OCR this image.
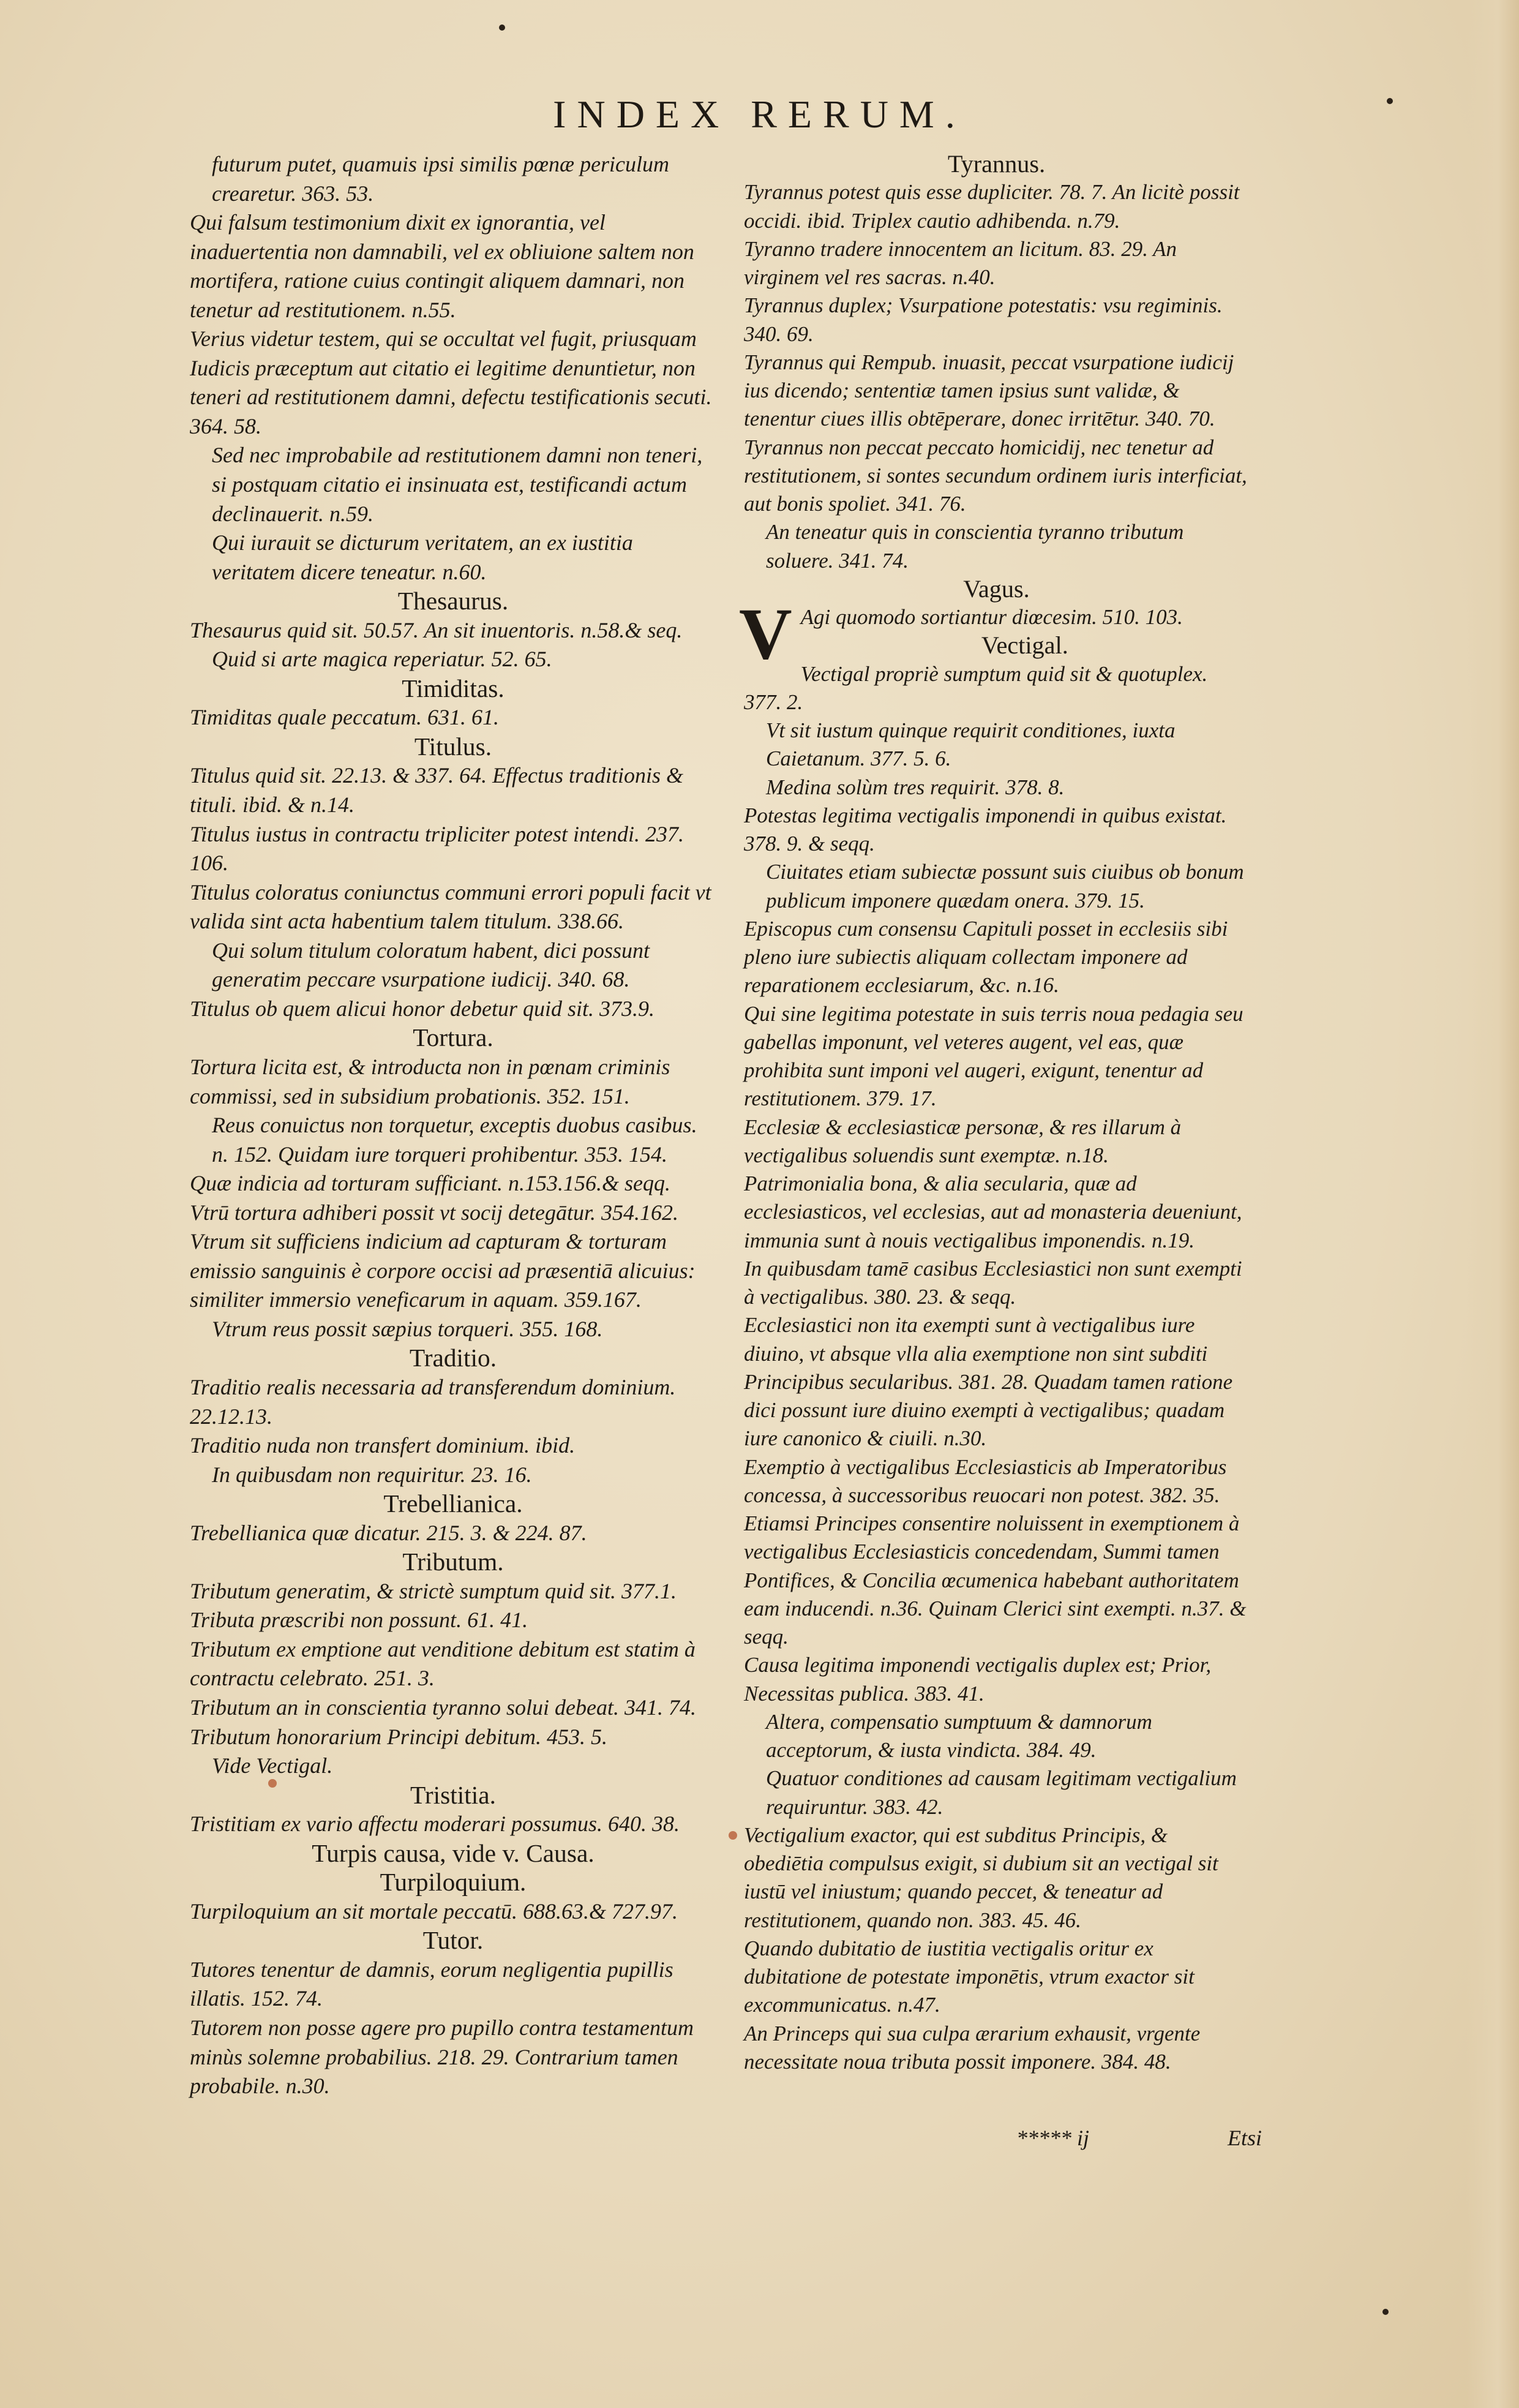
INDEX RERUM.

futurum putet, quamuis ipsi similis pœnæ periculum crearetur. 363. 53.

Qui falsum testimonium dixit ex ignorantia, vel inaduertentia non damnabili, vel ex obliuione saltem non mortifera, ratione cuius contingit aliquem damnari, non tenetur ad restitutionem. n.55.

Verius videtur testem, qui se occultat vel fugit, priusquam Iudicis præceptum aut citatio ei legitime denuntietur, non teneri ad restitutionem damni, defectu testificationis secuti. 364. 58.

Sed nec improbabile ad restitutionem damni non teneri, si postquam citatio ei insinuata est, testificandi actum declinauerit. n.59.

Qui iurauit se dicturum veritatem, an ex iustitia veritatem dicere teneatur. n.60.

Thesaurus.

Thesaurus quid sit. 50.57. An sit inuentoris. n.58.& seq.

Quid si arte magica reperiatur. 52. 65.

Timiditas.

Timiditas quale peccatum. 631. 61.

Titulus.

Titulus quid sit. 22.13. & 337. 64. Effectus traditionis & tituli. ibid. & n.14.

Titulus iustus in contractu tripliciter potest intendi. 237. 106.

Titulus coloratus coniunctus communi errori populi facit vt valida sint acta habentium talem titulum. 338.66.

Qui solum titulum coloratum habent, dici possunt generatim peccare vsurpatione iudicij. 340. 68.

Titulus ob quem alicui honor debetur quid sit. 373.9.

Tortura.

Tortura licita est, & introducta non in pœnam criminis commissi, sed in subsidium probationis. 352. 151.

Reus conuictus non torquetur, exceptis duobus casibus. n. 152. Quidam iure torqueri prohibentur. 353. 154.

Quæ indicia ad torturam sufficiant. n.153.156.& seqq.

Vtrū tortura adhiberi possit vt socij detegātur. 354.162.

Vtrum sit sufficiens indicium ad capturam & torturam emissio sanguinis è corpore occisi ad præsentiā alicuius: similiter immersio veneficarum in aquam. 359.167.

Vtrum reus possit sæpius torqueri. 355. 168.

Traditio.

Traditio realis necessaria ad transferendum dominium. 22.12.13.

Traditio nuda non transfert dominium. ibid.

In quibusdam non requiritur. 23. 16.

Trebellianica.

Trebellianica quæ dicatur. 215. 3. & 224. 87.

Tributum.

Tributum generatim, & strictè sumptum quid sit. 377.1.

Tributa præscribi non possunt. 61. 41.

Tributum ex emptione aut venditione debitum est statim à contractu celebrato. 251. 3.

Tributum an in conscientia tyranno solui debeat. 341. 74.

Tributum honorarium Principi debitum. 453. 5.

Vide Vectigal.

Tristitia.

Tristitiam ex vario affectu moderari possumus. 640. 38.

Turpis causa, vide v. Causa.

Turpiloquium.

Turpiloquium an sit mortale peccatū. 688.63.& 727.97.

Tutor.

Tutores tenentur de damnis, eorum negligentia pupillis illatis. 152. 74.

Tutorem non posse agere pro pupillo contra testamentum minùs solemne probabilius. 218. 29. Contrarium tamen probabile. n.30.

Tyrannus.

Tyrannus potest quis esse dupliciter. 78. 7. An licitè possit occidi. ibid. Triplex cautio adhibenda. n.79.

Tyranno tradere innocentem an licitum. 83. 29. An virginem vel res sacras. n.40.

Tyrannus duplex; Vsurpatione potestatis: vsu regiminis. 340. 69.

Tyrannus qui Rempub. inuasit, peccat vsurpatione iudicij ius dicendo; sententiæ tamen ipsius sunt validæ, & tenentur ciues illis obtēperare, donec irritētur. 340. 70.

Tyrannus non peccat peccato homicidij, nec tenetur ad restitutionem, si sontes secundum ordinem iuris interficiat, aut bonis spoliet. 341. 76.

An teneatur quis in conscientia tyranno tributum soluere. 341. 74.

Vagus.

V Agi quomodo sortiantur diœcesim. 510. 103.

Vectigal.

Vectigal propriè sumptum quid sit & quotuplex. 377. 2.

Vt sit iustum quinque requirit conditiones, iuxta Caietanum. 377. 5. 6.

Medina solùm tres requirit. 378. 8.

Potestas legitima vectigalis imponendi in quibus existat. 378. 9. & seqq.

Ciuitates etiam subiectæ possunt suis ciuibus ob bonum publicum imponere quædam onera. 379. 15.

Episcopus cum consensu Capituli posset in ecclesiis sibi pleno iure subiectis aliquam collectam imponere ad reparationem ecclesiarum, &c. n.16.

Qui sine legitima potestate in suis terris noua pedagia seu gabellas imponunt, vel veteres augent, vel eas, quæ prohibita sunt imponi vel augeri, exigunt, tenentur ad restitutionem. 379. 17.

Ecclesiæ & ecclesiasticæ personæ, & res illarum à vectigalibus soluendis sunt exemptæ. n.18.

Patrimonialia bona, & alia secularia, quæ ad ecclesiasticos, vel ecclesias, aut ad monasteria deueniunt, immunia sunt à nouis vectigalibus imponendis. n.19.

In quibusdam tamē casibus Ecclesiastici non sunt exempti à vectigalibus. 380. 23. & seqq.

Ecclesiastici non ita exempti sunt à vectigalibus iure diuino, vt absque vlla alia exemptione non sint subditi Principibus secularibus. 381. 28. Quadam tamen ratione dici possunt iure diuino exempti à vectigalibus; quadam iure canonico & ciuili. n.30.

Exemptio à vectigalibus Ecclesiasticis ab Imperatoribus concessa, à successoribus reuocari non potest. 382. 35.

Etiamsi Principes consentire noluissent in exemptionem à vectigalibus Ecclesiasticis concedendam, Summi tamen Pontifices, & Concilia œcumenica habebant authoritatem eam inducendi. n.36. Quinam Clerici sint exempti. n.37. & seqq.

Causa legitima imponendi vectigalis duplex est; Prior, Necessitas publica. 383. 41.

Altera, compensatio sumptuum & damnorum acceptorum, & iusta vindicta. 384. 49.

Quatuor conditiones ad causam legitimam vectigalium requiruntur. 383. 42.

Vectigalium exactor, qui est subditus Principis, & obediētia compulsus exigit, si dubium sit an vectigal sit iustū vel iniustum; quando peccet, & teneatur ad restitutionem, quando non. 383. 45. 46.

Quando dubitatio de iustitia vectigalis oritur ex dubitatione de potestate imponētis, vtrum exactor sit excommunicatus. n.47.

An Princeps qui sua culpa ærarium exhausit, vrgente necessitate noua tributa possit imponere. 384. 48.

***** ij	Etsi
